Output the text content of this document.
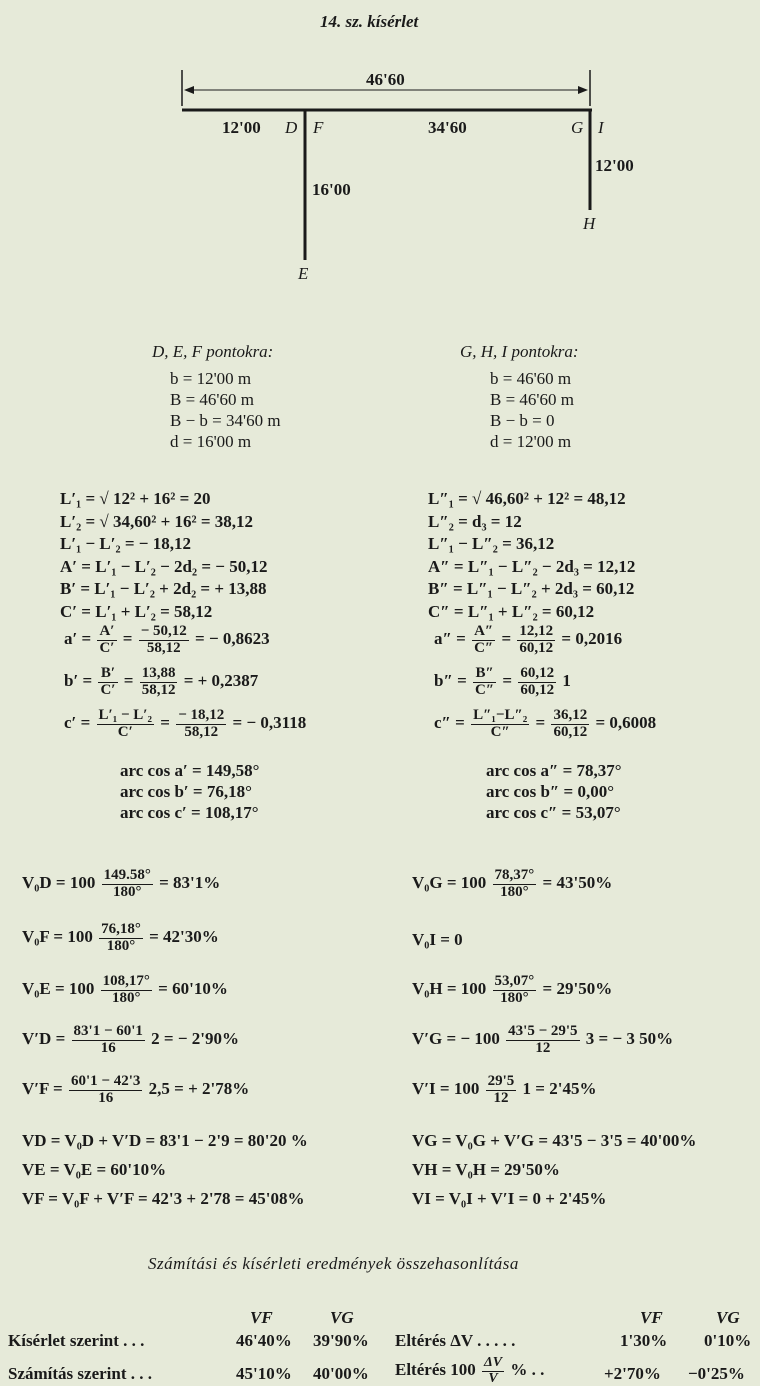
14. sz. kísérlet
46'60
12'00 D F	34'60	G I
12'00
16'00
H
E
D, E, F pontokra:	G, H, I pontokra:
b = 12'00 m
B = 46'60 m
B − b = 34'60 m
d = 16'00 m
b = 46'60 m
B = 46'60 m
B − b = 0
d = 12'00 m
L′₁ = √ 12² + 16² = 20
L′₂ = √ 34,60² + 16² = 38,12
L′₁ − L′₂ = − 18,12
A′ = L′₁ − L′₂ − 2d₂ = − 50,12
B′ = L′₁ − L′₂ + 2d₂ = + 13,88
C′ = L′₁ + L′₂ = 58,12
L″₁ = √ 46,60² + 12² = 48,12
L″₂ = d₃ = 12
L″₁ − L″₂ = 36,12
A″ = L″₁ − L″₂ − 2d₃ = 12,12
B″ = L″₁ − L″₂ + 2d₃ = 60,12
C″ = L″₁ + L″₂ = 60,12
$a' = \frac{A'}{C'} = \frac{- 50,12}{58,12}$ = − 0,8623
$b' = \frac{B'}{C'} = \frac{13,88}{58,12}$ = + 0,2387
$c' = \frac{\text{L′₁ − L′₂}}{C'} = \frac{- 18,12}{58,12}$ = − 0,3118
$a'' = \frac{A''}{C''} = \frac{12,12}{60,12} = 0,2016$
$b'' = \frac{B''}{C''} = \frac{60,12}{60,12} 1$
$c'' = \frac{\text{L″₁−L″₂}}{C''} = \frac{36,12}{60,12} = 0,6008$
arc cos a′ = 149,58°
arc cos b′ = 76,18°
arc cos c′ = 108,17°
arc cos a″ = 78,37°
arc cos b″ = 0,00°
arc cos c″ = 53,07°
$V_0D = 100 \frac{149.58^\circ}{180^\circ} = 83'1\%$
$V_0F = 100 \frac{76,18^\circ}{180^\circ} = 42'30\%$
$V_0E = 100 \frac{108,17^\circ}{180^\circ} = 60'10\%$
$V_0G = 100 \frac{78,37^\circ}{180^\circ} = 43'50\%$
V₀I = 0
$V_0H = 100 \frac{53,07^\circ}{180^\circ} = 29'50\%$
$V'D = \frac{83'1 - 60'1}{16} 2$ = − 2'90%
$V'F = \frac{60'1 - 42'3}{16} 2,5$ = + 2'78%
V′G = − $100 \frac{43'5 - 29'5}{12} 3$ = − 3 50%
$V'I = 100 \frac{29'5}{12} 1 = 2'45\%$
VD = V₀D + V′D = 83'1 − 2'9 = 80'20 %
VE = V₀E = 60'10%
VF = V₀F + V′F = 42'3 + 2'78 = 45'08%
VG = V₀G + V′G = 43'5 − 3'5 = 40'00%
VH = V₀H = 29'50%
VI = V₀I + V′I = 0 + 2'45%
Számítási és kísérleti eredmények összehasonlítása
VF	VG	VF	VG
Kísérlet szerint . . .	46'40% 39'90% Eltérés ΔV . . . . .	1'30% 0'10%
Számítás szerint . . .	45'10% 40'00% Eltérés $100 \frac{\Delta V}{V}$ % . .	+2'70% −0'25%
